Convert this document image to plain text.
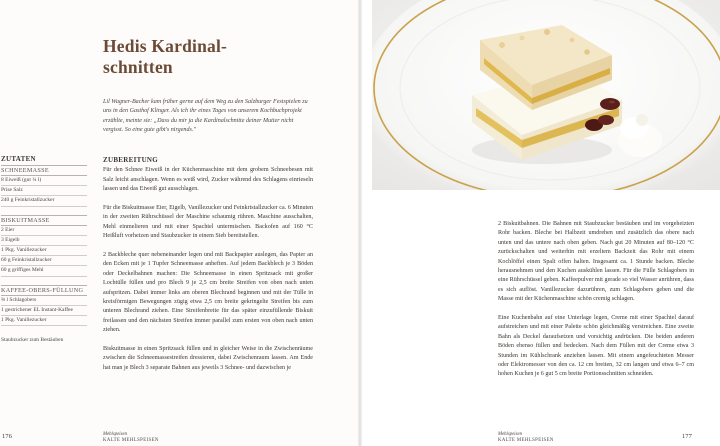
Hedis Kardinal-
schnitten

Lil Wagner-Bacher kam früher gerne auf dem Weg zu den Salzburger Festspielen zu uns in den Gasthof Klinger. Als ich ihr eines Tages von unserem Kochbuchprojekt erzählte, meinte sie: „Dass du mir ja die Kardinalschnitte deiner Mutter nicht vergisst. So eine gute gibt's nirgends."

ZUTATEN
SCHNEEMASSE
8 Eiweiß (gut ¼ l)
Prise Salz
240 g Feinkristallzucker
BISKUITMASSE
2 Eier
3 Eigelb
1 Pkg. Vanillezucker
60 g Feinkristallzucker
60 g griffiges Mehl
KAFFEE-OBERS-FÜLLUNG
⅜ l Schlagobers
1 gestrichener EL Instant-Kaffee
1 Pkg. Vanillezucker
Staubzucker zum Bestäuben
ZUBEREITUNG

Für den Schnee Eiweiß in der Küchenmaschine mit dem grobem Schneebesen mit Salz leicht anschlagen. Wenn es weiß wird, Zucker während des Schlagens einrieseln lassen und das Eiweiß gut ausschlagen.

Für die Biskuitmasse Eier, Eigelb, Vanillezucker und Feinkristallzucker ca. 6 Minuten in der zweiten Rührschüssel der Maschine schaumig rühren. Maschine ausschalten, Mehl einmelieren und mit einer Spachtel untermischen. Backofen auf 160 °C Heißluft vorheizen und Staubzucker in einem Sieb bereitstellen.

2 Backbleche quer nebeneinander legen und mit Backpapier auslegen, das Papier an den Ecken mit je 1 Tupfer Schneemasse anheften. Auf jedem Backblech je 3 Böden oder Deckelbahnen machen: Die Schneemasse in einen Spritzsack mit großer Lochtülle füllen und pro Blech 9 je 2,5 cm breite Streifen von oben nach unten aufspritzen. Dabei immer links am oberen Blechrand beginnen und mit der Tülle in kreisförmigen Bewegungen zügig etwa 2,5 cm breite gekringelte Streifen bis zum unteren Blechrand ziehen. Eine Streifenbreite für das später einzufüllende Biskuit freilassen und den nächsten Streifen immer parallel zum ersten von oben nach unten ziehen.

Biskuitmasse in einen Spritzsack füllen und in gleicher Weise in die Zwischenräume zwischen die Schneemassestreifen dressieren, dabei Zwischenraum lassen. Am Ende hat man je Blech 3 separate Bahnen aus jeweils 3 Schnee- und dazwischen je

2 Biskuitbahnen. Die Bahnen mit Staubzucker bestäuben und im vorgeheizten Rohr backen. Bleche bei Halbzeit umdrehen und zusätzlich das obere nach unten und das untere nach oben geben. Nach gut 20 Minuten auf 80–120 °C zurückschalten und weiterhin mit erzeltem Backzeit das Rohr mit einem Kochlöffel einen Spalt offen halten. Insgesamt ca. 1 Stunde backen. Bleche herausnehmen und den Kuchen auskühlen lassen. Für die Fülle Schlagobers in eine Rührschüssel geben. Kaffeepulver mit gerade so viel Wasser anrühren, dass es sich auflöst. Vanillezucker dazurühren, zum Schlagobers geben und die Masse mit der Küchenmaschine schön cremig schlagen.

Eine Kuchenbahn auf eine Unterlage legen, Creme mit einer Spachtel darauf aufstreichen und mit einer Palette schön gleichmäßig verstreichen. Eine zweite Bahn als Deckel daraufsetzen und vorsichtig andrücken. Die beiden anderen Böden ebenso füllen und bedecken. Nach dem Füllen mit der Creme etwa 3 Stunden im Kühlschrank anziehen lassen. Mit einem angefeuchteten Messer oder Elektromesser von den ca. 12 cm breiten, 32 cm langen und etwa 6–7 cm hohen Kuchen je 6 gut 5 cm breite Portionsschnitten schneiden.

176	Mehlspeisen
KALTE MEHLSPEISEN
Mehlspeisen
KALTE MEHLSPEISEN
177
